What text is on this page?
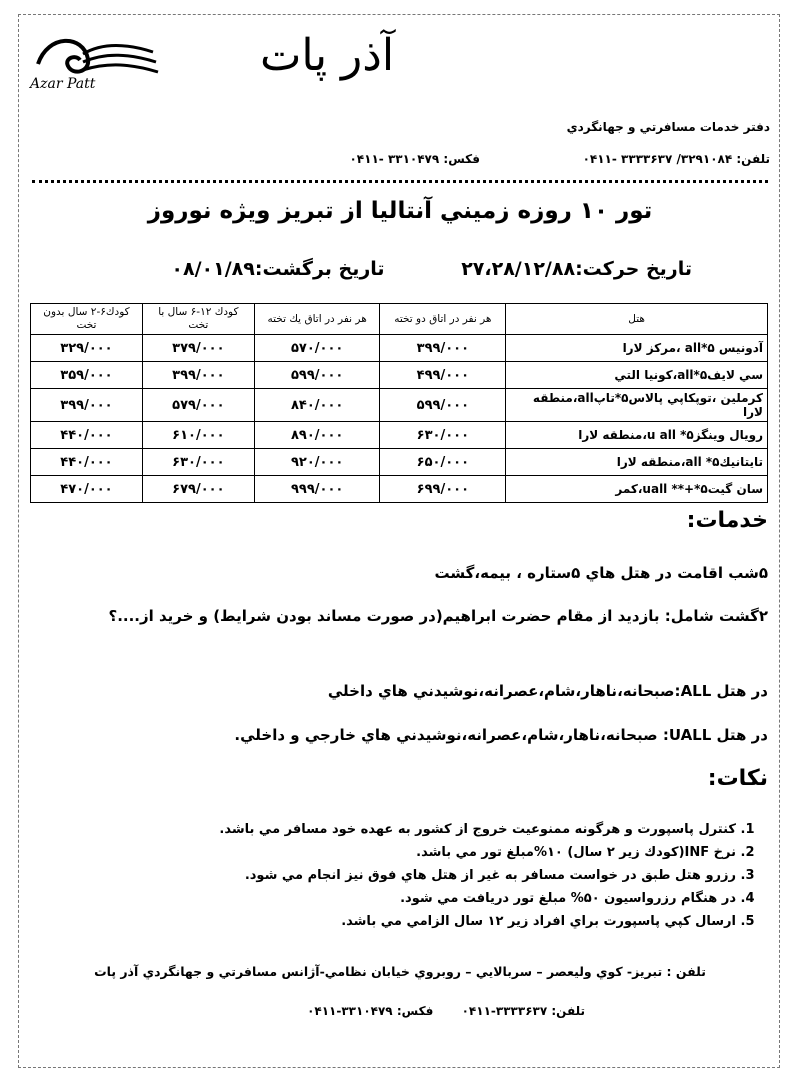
Azar Patt
آذر پات
دفتر خدمات مسافرتي و جهانگردي
تلفن: ۳۲۹۱۰۸۴/ ۳۳۳۳۶۳۷ -۰۴۱۱
فكس: ۳۳۱۰۴۷۹ -۰۴۱۱
تور ۱۰ روزه زميني آنتاليا از تبريز ويژه نوروز
تاريخ حركت:۲۷،۲۸/۱۲/۸۸ تاريخ برگشت:۰۸/۰۱/۸۹
هتل	هر نفر در اتاق دو تخته	هر نفر در اتاق يك تخته	كودك ۱۲-۶ سال با تخت	كودك۶-۲ سال بدون تخت
آدونيس ۵*all ،مركز لارا	۳۹۹/۰۰۰	۵۷۰/۰۰۰	۳۷۹/۰۰۰	۳۲۹/۰۰۰
سي لايف۵*all،كونيا التي	۴۹۹/۰۰۰	۵۹۹/۰۰۰	۳۹۹/۰۰۰	۳۵۹/۰۰۰
كرملين ،توپكاپي پالاس۵*تاپall،منطقه لارا	۵۹۹/۰۰۰	۸۴۰/۰۰۰	۵۷۹/۰۰۰	۳۹۹/۰۰۰
رويال وينگز۵* u all،منطقه لارا	۶۳۰/۰۰۰	۸۹۰/۰۰۰	۶۱۰/۰۰۰	۴۴۰/۰۰۰
تايتانيك۵* all،منطقه لارا	۶۵۰/۰۰۰	۹۲۰/۰۰۰	۶۳۰/۰۰۰	۴۴۰/۰۰۰
سان گيت۵*+** uall،كمر	۶۹۹/۰۰۰	۹۹۹/۰۰۰	۶۷۹/۰۰۰	۴۷۰/۰۰۰
خدمات:
۵شب اقامت در هتل هاي ۵ستاره ، بيمه،گشت
۲گشت شامل: بازديد از مقام حضرت ابراهيم(در صورت مساند بودن شرايط) و خريد از....؟
در هتل ALL:صبحانه،ناهار،شام،عصرانه،نوشيدني هاي داخلي
در هتل UALL: صبحانه،ناهار،شام،عصرانه،نوشيدني هاي خارجي و داخلي.
نكات:
1. كنترل پاسپورت و هرگونه ممنوعيت خروج از كشور به عهده خود مسافر مي باشد.
2. نرخ INF(كودك زير ۲ سال) ۱۰%مبلغ تور مي باشد.
3. رزرو هتل طبق در خواست مسافر به غير از هتل هاي فوق نيز انجام مي شود.
4. در هنگام رزرواسيون ۵۰% مبلغ تور دريافت مي شود.
5. ارسال كپي پاسپورت براي افراد زير ۱۲ سال الزامي مي باشد.
تلفن : تبريز- كوي وليعصر – سربالايي – روبروي خيابان نظامي-آژانس مسافرتي و جهانگردي آذر پات
تلفن: ۳۳۳۳۶۳۷-۰۴۱۱ فكس: ۳۳۱۰۴۷۹-۰۴۱۱
